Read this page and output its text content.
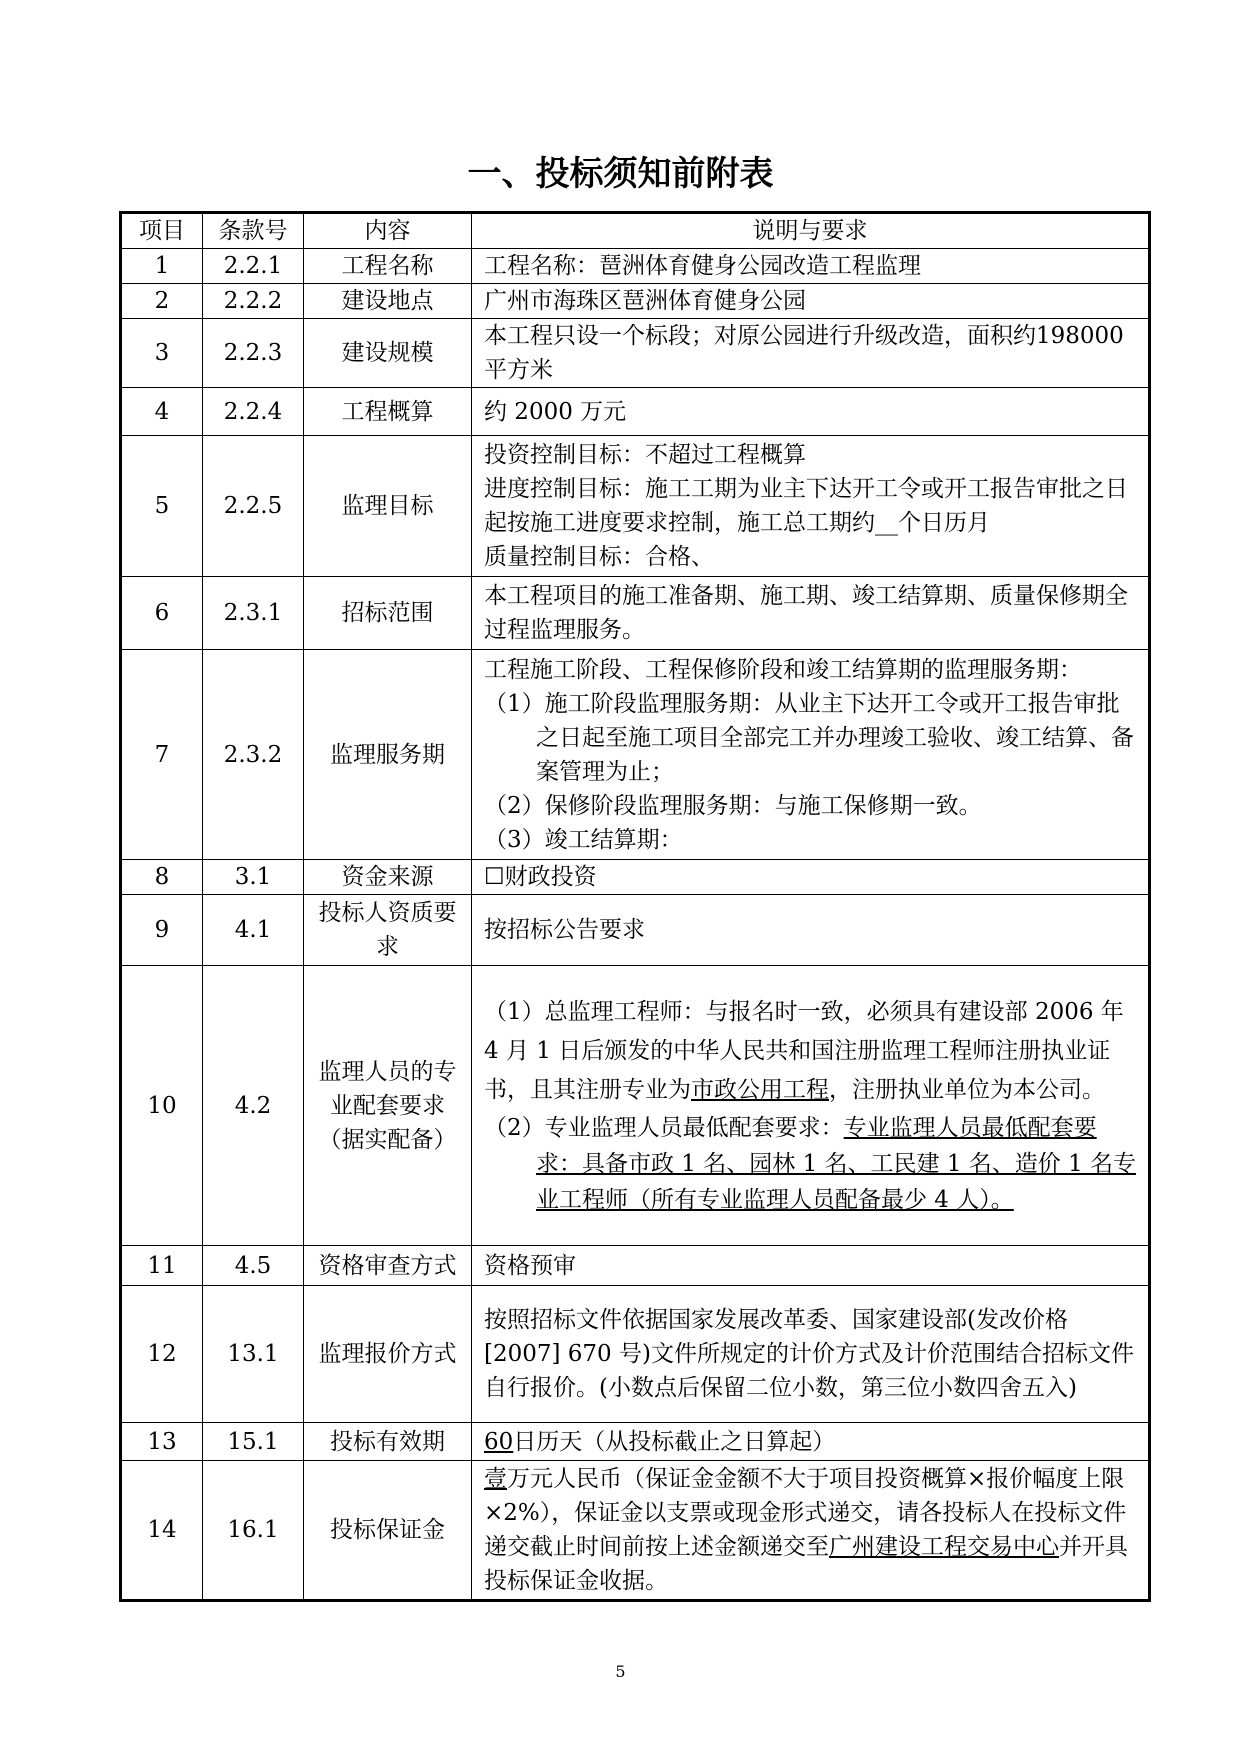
一、投标须知前附表
项目	条款号	内容	说明与要求
1	2.2.1	工程名称	工程名称：琶洲体育健身公园改造工程监理
2	2.2.2	建设地点	广州市海珠区琶洲体育健身公园
3	2.2.3	建设规模	本工程只设一个标段；对原公园进行升级改造，面积约198000 平方米
4	2.2.4	工程概算	约 2000 万元
5	2.2.5	监理目标	投资控制目标：不超过工程概算
进度控制目标：施工工期为业主下达开工令或开工报告审批之日起按施工进度要求控制，施工总工期约__个日历月
质量控制目标：合格、

6	2.3.1	招标范围	本工程项目的施工准备期、施工期、竣工结算期、质量保修期全过程监理服务。
7	2.3.2	监理服务期	工程施工阶段、工程保修阶段和竣工结算期的监理服务期：
（1）施工阶段监理服务期：从业主下达开工令或开工报告审批之日起至施工项目全部完工并办理竣工验收、竣工结算、备案管理为止；
（2）保修阶段监理服务期：与施工保修期一致。
（3）竣工结算期：

8	3.1	资金来源	☐财政投资
9	4.1	投标人资质要求	按招标公告要求
10	4.2	监理人员的专业配套要求（据实配备）	（1）总监理工程师：与报名时一致，必须具有建设部 2006 年 4 月 1 日后颁发的中华人民共和国注册监理工程师注册执业证书，且其注册专业为市政公用工程，注册执业单位为本公司。
（2）专业监理人员最低配套要求：专业监理人员最低配套要求：具备市政 1 名、园林 1 名、工民建 1 名、造价 1 名专业工程师（所有专业监理人员配备最少 4 人）。

11	4.5	资格审查方式	资格预审
12	13.1	监理报价方式	按照招标文件依据国家发展改革委、国家建设部(发改价格[2007] 670 号)文件所规定的计价方式及计价范围结合招标文件自行报价。(小数点后保留二位小数，第三位小数四舍五入)
13	15.1	投标有效期	60日历天（从投标截止之日算起）
14	16.1	投标保证金	壹万元人民币（保证金金额不大于项目投资概算×报价幅度上限×2%），保证金以支票或现金形式递交，请各投标人在投标文件递交截止时间前按上述金额递交至广州建设工程交易中心并开具投标保证金收据。
5
